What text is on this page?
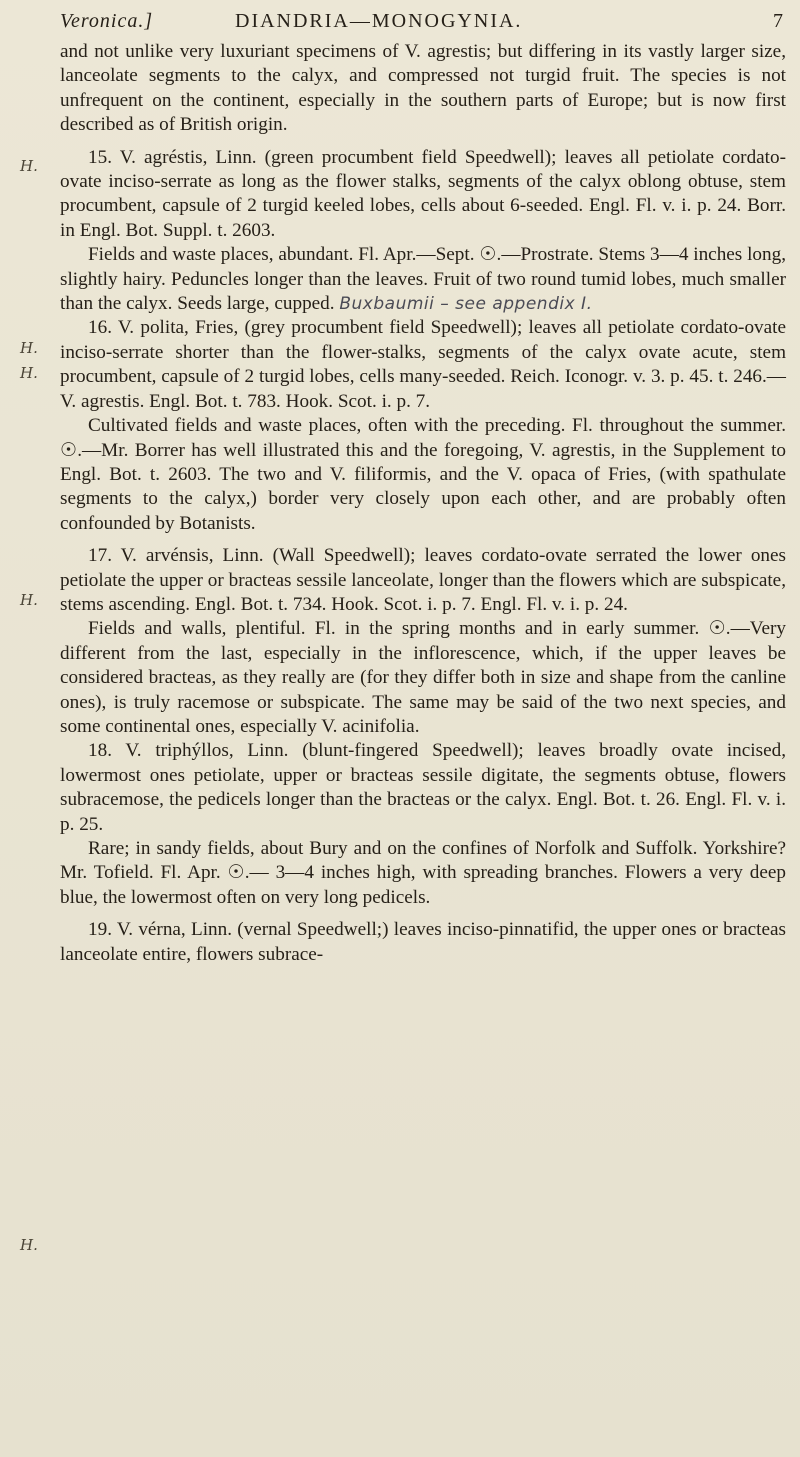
Veronica.]	DIANDRIA—MONOGYNIA.	7
H.
H.
H.
H.
H.

and not unlike very luxuriant specimens of V. agrestis; but differing in its vastly larger size, lanceolate segments to the calyx, and compressed not turgid fruit. The species is not unfrequent on the continent, especially in the southern parts of Europe; but is now first described as of British origin.

15. V. agréstis, Linn. (green procumbent field Speedwell); leaves all petiolate cordato-ovate inciso-serrate as long as the flower stalks, segments of the calyx oblong obtuse, stem procumbent, capsule of 2 turgid keeled lobes, cells about 6-seeded. Engl. Fl. v. i. p. 24. Borr. in Engl. Bot. Suppl. t. 2603.

Fields and waste places, abundant. Fl. Apr.—Sept. ☉.—Prostrate. Stems 3—4 inches long, slightly hairy. Peduncles longer than the leaves. Fruit of two round tumid lobes, much smaller than the calyx. Seeds large, cupped. Buxbaumii – see appendix I.

16. V. polita, Fries, (grey procumbent field Speedwell); leaves all petiolate cordato-ovate inciso-serrate shorter than the flower-stalks, segments of the calyx ovate acute, stem procumbent, capsule of 2 turgid lobes, cells many-seeded. Reich. Iconogr. v. 3. p. 45. t. 246.—V. agrestis. Engl. Bot. t. 783. Hook. Scot. i. p. 7.

Cultivated fields and waste places, often with the preceding. Fl. throughout the summer. ☉.—Mr. Borrer has well illustrated this and the foregoing, V. agrestis, in the Supplement to Engl. Bot. t. 2603. The two and V. filiformis, and the V. opaca of Fries, (with spathulate segments to the calyx,) border very closely upon each other, and are probably often confounded by Botanists.

17. V. arvénsis, Linn. (Wall Speedwell); leaves cordato-ovate serrated the lower ones petiolate the upper or bracteas sessile lanceolate, longer than the flowers which are subspicate, stems ascending. Engl. Bot. t. 734. Hook. Scot. i. p. 7. Engl. Fl. v. i. p. 24.

Fields and walls, plentiful. Fl. in the spring months and in early summer. ☉.—Very different from the last, especially in the inflorescence, which, if the upper leaves be considered bracteas, as they really are (for they differ both in size and shape from the canline ones), is truly racemose or subspicate. The same may be said of the two next species, and some continental ones, especially V. acinifolia.

18. V. triphýllos, Linn. (blunt-fingered Speedwell); leaves broadly ovate incised, lowermost ones petiolate, upper or bracteas sessile digitate, the segments obtuse, flowers subracemose, the pedicels longer than the bracteas or the calyx. Engl. Bot. t. 26. Engl. Fl. v. i. p. 25.

Rare; in sandy fields, about Bury and on the confines of Norfolk and Suffolk. Yorkshire? Mr. Tofield. Fl. Apr. ☉.— 3—4 inches high, with spreading branches. Flowers a very deep blue, the lowermost often on very long pedicels.

19. V. vérna, Linn. (vernal Speedwell;) leaves inciso-pinnatifid, the upper ones or bracteas lanceolate entire, flowers subrace-
